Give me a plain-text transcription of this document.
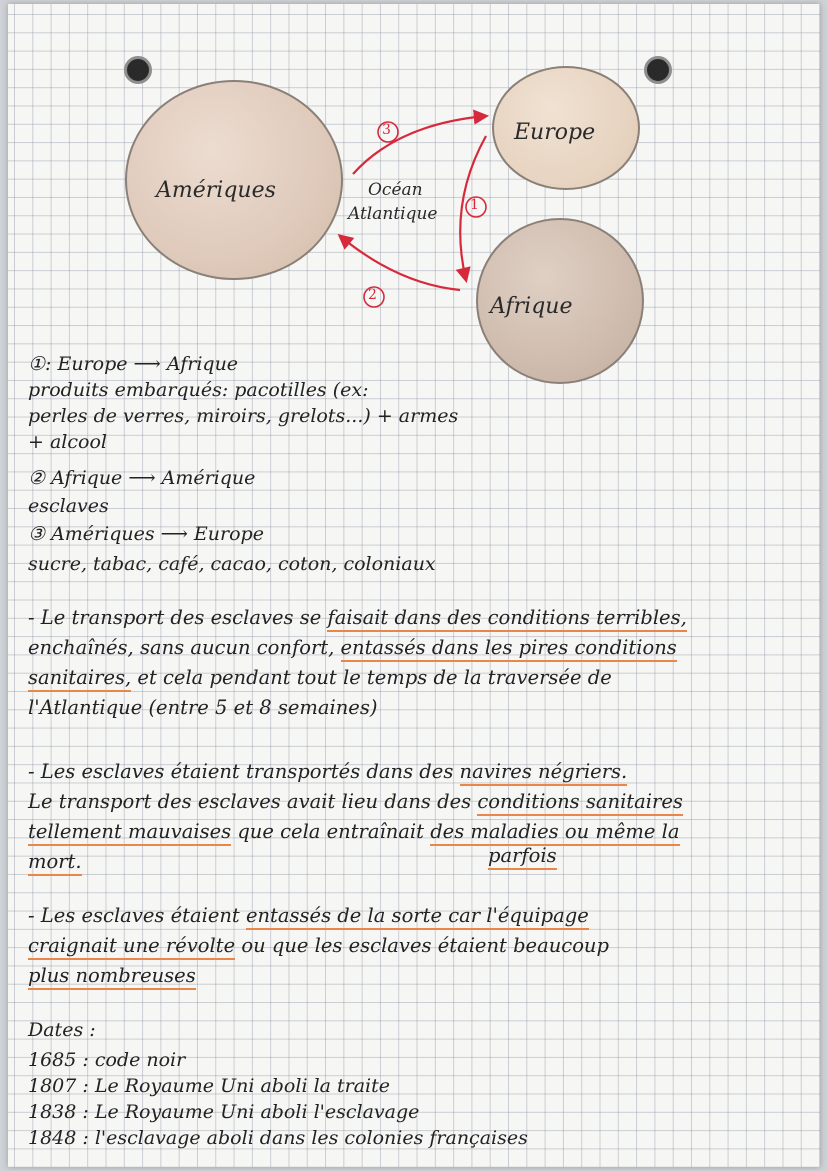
Amériques
Europe
Afrique
Océan
Atlantique
3
1
2
①: Europe ⟶ Afrique
produits embarqués: pacotilles (ex:
perles de verres, miroirs, grelots...) + armes
+ alcool
② Afrique ⟶ Amérique
esclaves
③ Amériques ⟶ Europe
sucre, tabac, café, cacao, coton, coloniaux
- Le transport des esclaves se faisait dans des conditions terribles,
enchaînés, sans aucun confort, entassés dans les pires conditions
sanitaires, et cela pendant tout le temps de la traversée de
l'Atlantique (entre 5 et 8 semaines)
- Les esclaves étaient transportés dans des navires négriers.
Le transport des esclaves avait lieu dans des conditions sanitaires
tellement mauvaises que cela entraînait des maladies ou même la
mort.	parfois
- Les esclaves étaient entassés de la sorte car l'équipage
craignait une révolte ou que les esclaves étaient beaucoup
plus nombreuses
Dates :
1685 : code noir
1807 : Le Royaume Uni aboli la traite
1838 : Le Royaume Uni aboli l'esclavage
1848 : l'esclavage aboli dans les colonies françaises
